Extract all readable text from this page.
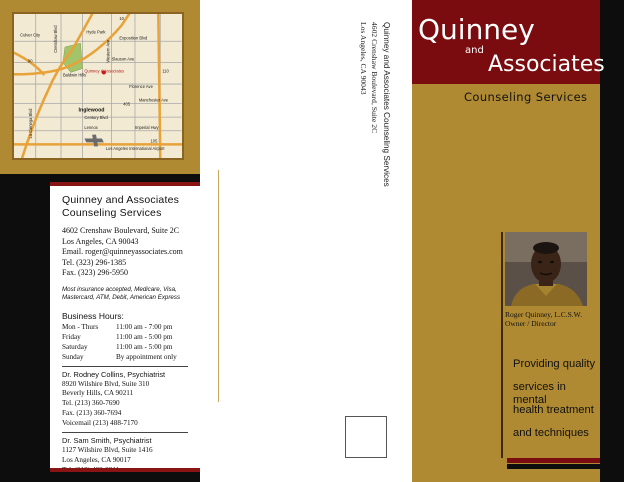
Culver City
Exposition Blvd
Quinney & Associates
Baldwin Hills
Florence Ave
Manchester Ave
Inglewood
Century Blvd
Lennox	Imperial Hwy
Los Angeles International Airport
Hyde Park
Slauson Ave
10
405
105
110
90
La Cienega Blvd
Crenshaw Blvd	Western Ave
Quinney and Associates
Counseling Services
4602 Crenshaw Boulevard, Suite 2C
Los Angeles, CA 90043
Email. roger@quinneyassociates.com
Tel. (323) 296-1385
Fax. (323) 296-5950
Most insurance accepted, Medicare, Visa, Mastercard, ATM, Debit, American Express
Business Hours:
Mon - Thurs	11:00 am - 7:00 pm
Friday	11:00 am - 5:00 pm
Saturday	11:00 am - 5:00 pm
Sunday	By appointment only
Dr. Rodney Collins, Psychiatrist
8920 Wilshire Blvd, Suite 310
Beverly Hills, CA 90211
Tel. (213) 360-7690
Fax. (213) 360-7694
Voicemail (213) 488-7170
Dr. Sam Smith, Psychiatrist
1127 Wilshire Blvd, Suite 1416
Los Angeles, CA 90017
Quinney and Associates Counseling Services
4602 Crenshaw Boulevard, Suite 2C
Los Angeles, CA 90043 Quinney
and
Associates
Counseling Services
Roger Quinney, L.C.S.W.
Owner / Director
Providing quality
services in mental
health treatment
and techniques
